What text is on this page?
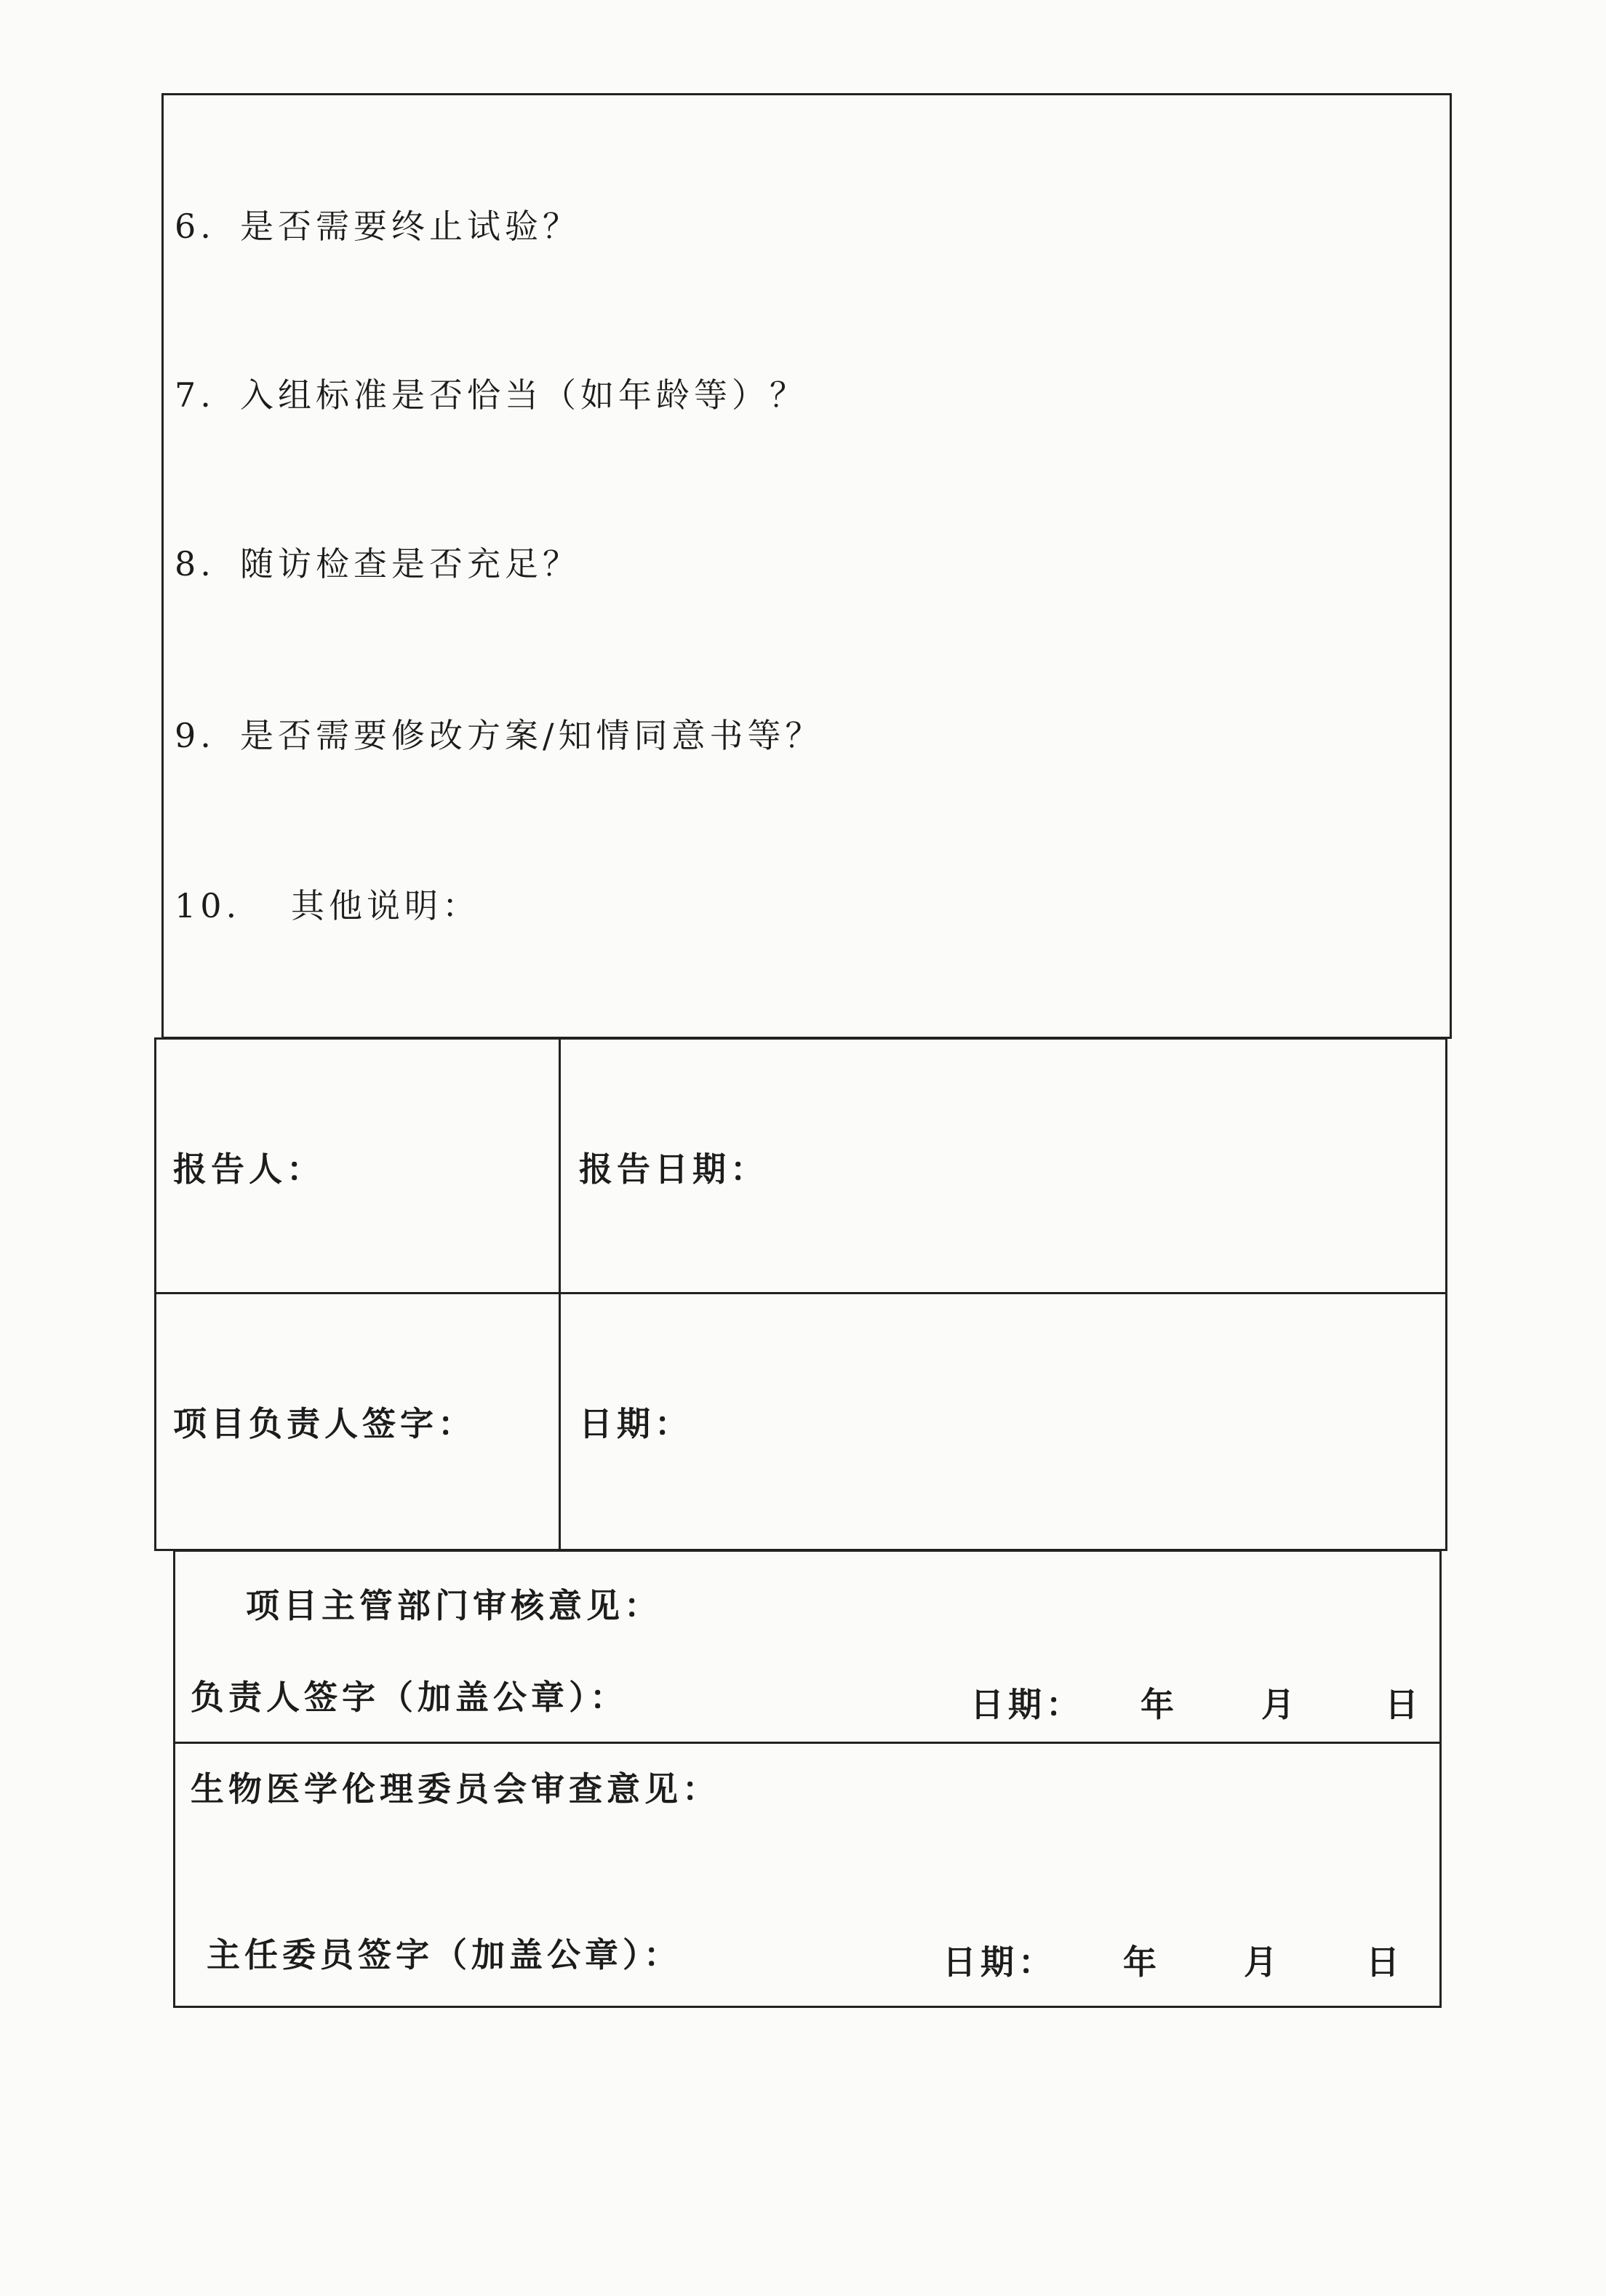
6. 是否需要终止试验？
7. 入组标准是否恰当（如年龄等）？
8. 随访检查是否充足？
9. 是否需要修改方案/知情同意书等？
10. 其他说明：
报告人：	报告日期：
项目负责人签字：	日期：
项目主管部门审核意见：
负责人签字（加盖公章）：	日期： 年 月	日
生物医学伦理委员会审查意见：
主任委员签字（加盖公章）：	日期： 年 月	日
